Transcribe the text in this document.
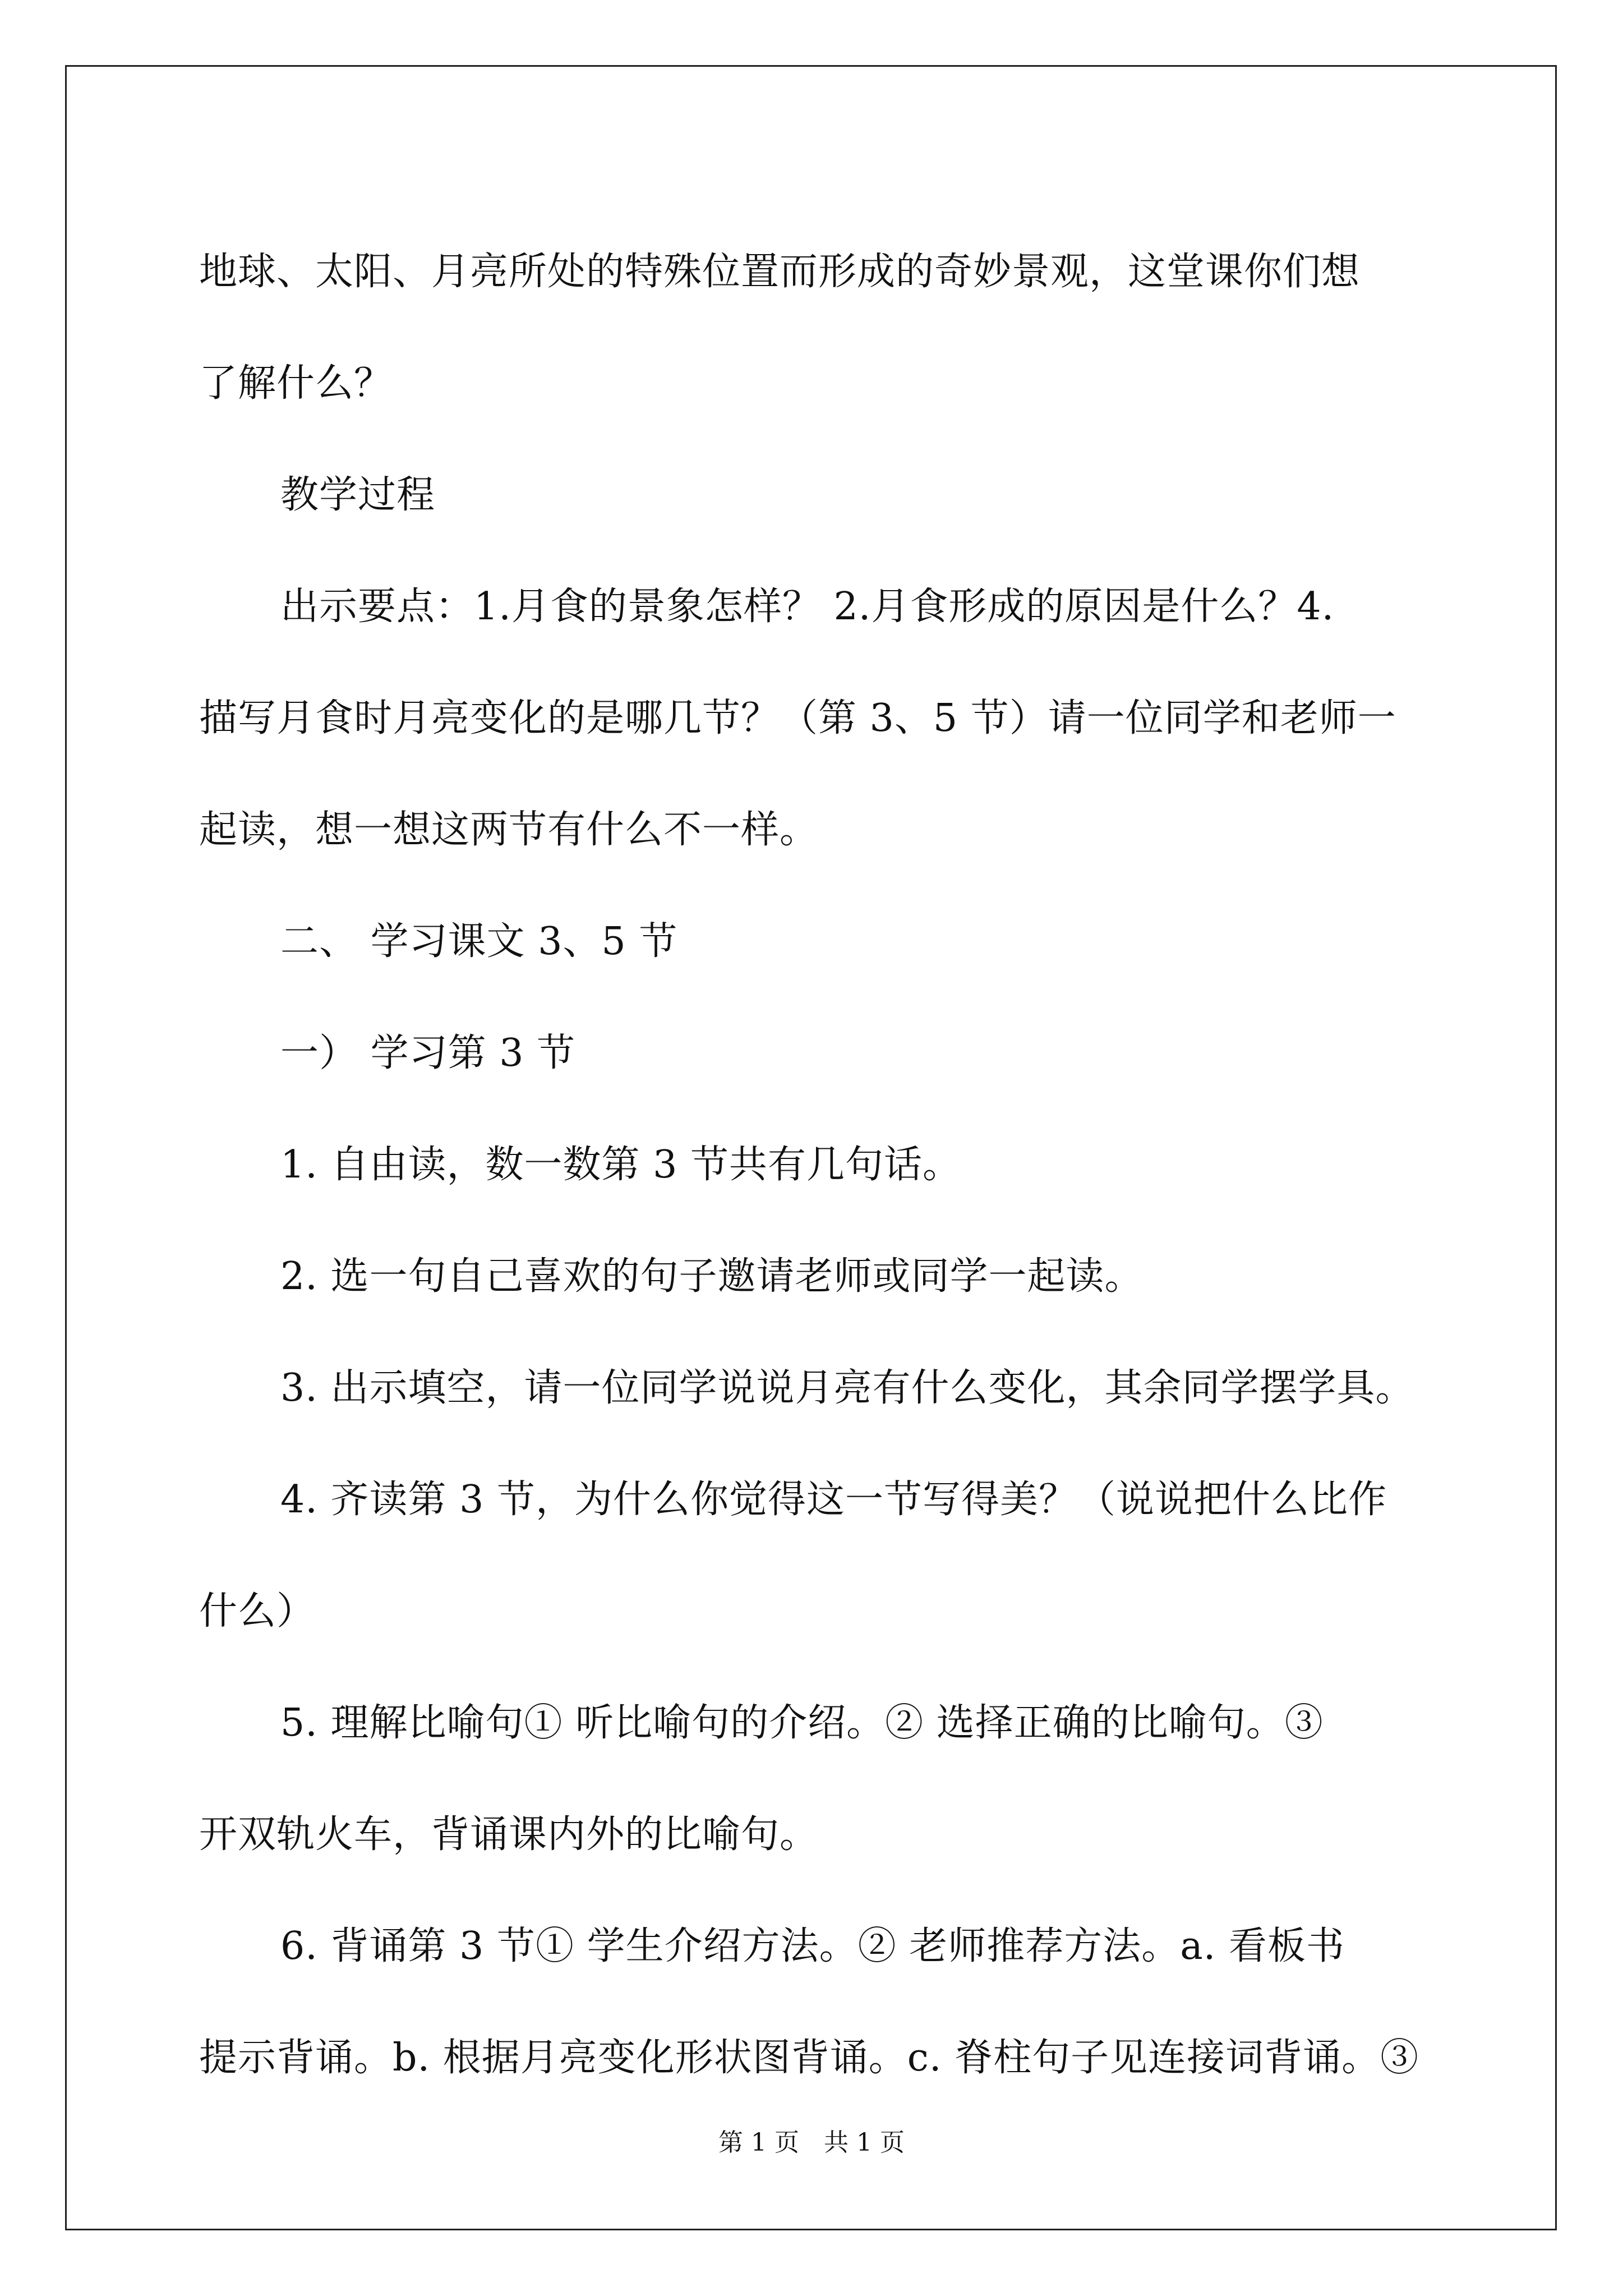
地球、太阳、月亮所处的特殊位置而形成的奇妙景观，这堂课你们想
了解什么？
教学过程
出示要点：1.月食的景象怎样？ 2.月食形成的原因是什么？4.
描写月食时月亮变化的是哪几节？（第 3、5 节）请一位同学和老师一
起读，想一想这两节有什么不一样。
二、 学习课文 3、5 节
一） 学习第 3 节
1. 自由读，数一数第 3 节共有几句话。
2. 选一句自己喜欢的句子邀请老师或同学一起读。
3. 出示填空，请一位同学说说月亮有什么变化，其余同学摆学具。
4. 齐读第 3 节，为什么你觉得这一节写得美？（说说把什么比作
什么）
5. 理解比喻句① 听比喻句的介绍。② 选择正确的比喻句。③
开双轨火车，背诵课内外的比喻句。
6. 背诵第 3 节① 学生介绍方法。② 老师推荐方法。a. 看板书
提示背诵。b. 根据月亮变化形状图背诵。c. 脊柱句子见连接词背诵。③
第 1 页　共 1 页
